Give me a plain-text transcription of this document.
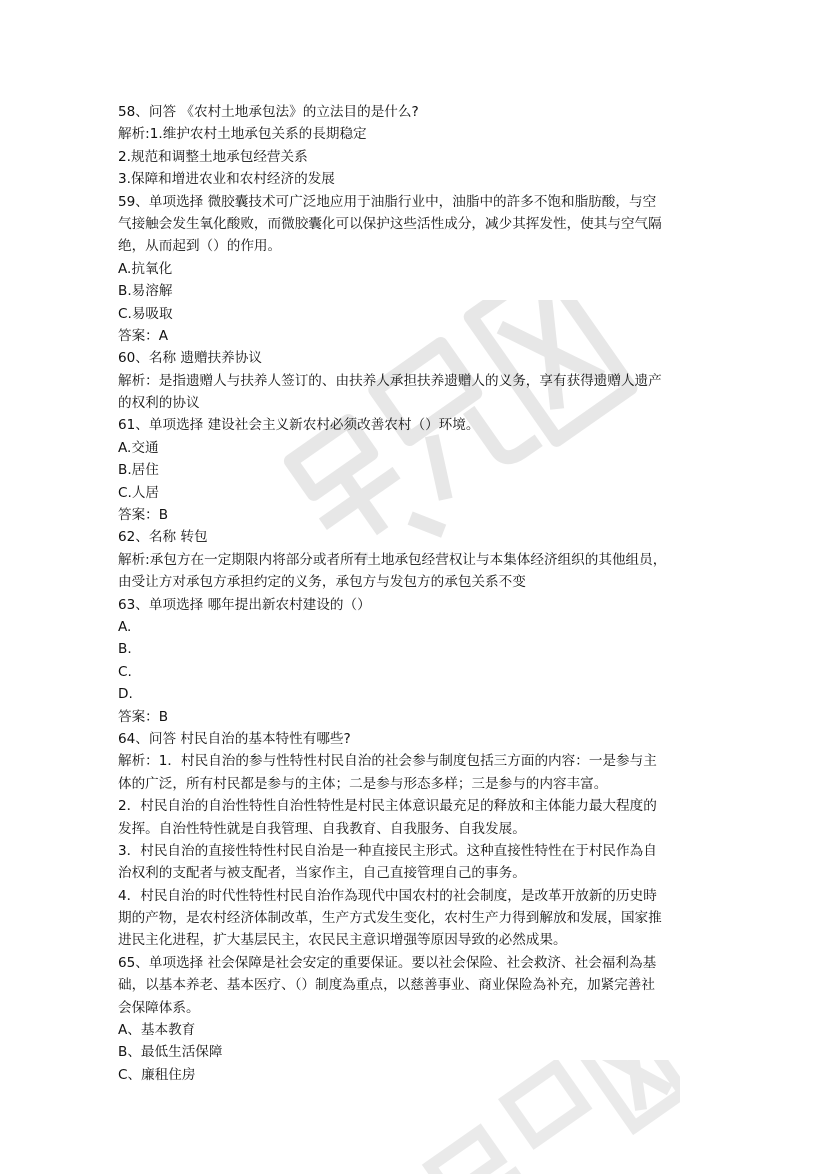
58、问答 《农村土地承包法》的立法目的是什么?
解析:1.维护农村土地承包关系的長期稳定
2.规范和调整土地承包经营关系
3.保障和增进农业和农村经济的发展
59、单项选择 微胶囊技术可广泛地应用于油脂行业中，油脂中的許多不饱和脂肪酸，与空
气接触会发生氧化酸败，而微胶囊化可以保护这些活性成分，减少其挥发性，使其与空气隔
绝，从而起到（）的作用。
A.抗氧化
B.易溶解
C.易吸取
答案：A
60、名称 遗赠扶养协议
解析：是指遗赠人与扶养人签订的、由扶养人承担扶养遗赠人的义务，享有获得遗赠人遗产
的权利的协议
61、单项选择 建设社会主义新农村必须改善农村（）环境。
A.交通
B.居住
C.人居
答案：B
62、名称 转包
解析:承包方在一定期限内将部分或者所有土地承包经营权让与本集体经济组织的其他组员，
由受让方对承包方承担约定的义务，承包方与发包方的承包关系不变
63、单项选择 哪年提出新农村建设的（）
A.
B.
C.
D.
答案：B
64、问答 村民自治的基本特性有哪些?
解析：1．村民自治的参与性特性村民自治的社会参与制度包括三方面的内容：一是参与主
体的广泛，所有村民都是参与的主体；二是参与形态多样；三是参与的内容丰富。
2．村民自治的自治性特性自治性特性是村民主体意识最充足的释放和主体能力最大程度的
发挥。自治性特性就是自我管理、自我教育、自我服务、自我发展。
3．村民自治的直接性特性村民自治是一种直接民主形式。这种直接性特性在于村民作為自
治权利的支配者与被支配者，当家作主，自己直接管理自己的事务。
4．村民自治的时代性特性村民自治作為现代中国农村的社会制度，是改革开放新的历史時
期的产物，是农村经济体制改革，生产方式发生变化，农村生产力得到解放和发展，国家推
进民主化进程，扩大基层民主，农民民主意识增强等原因导致的必然成果。
65、单项选择 社会保障是社会安定的重要保证。要以社会保险、社会救济、社会福利為基
础，以基本养老、基本医疗、（）制度為重点，以慈善事业、商业保险為补充，加紧完善社
会保障体系。
A、基本教育
B、最低生活保障
C、廉租住房
